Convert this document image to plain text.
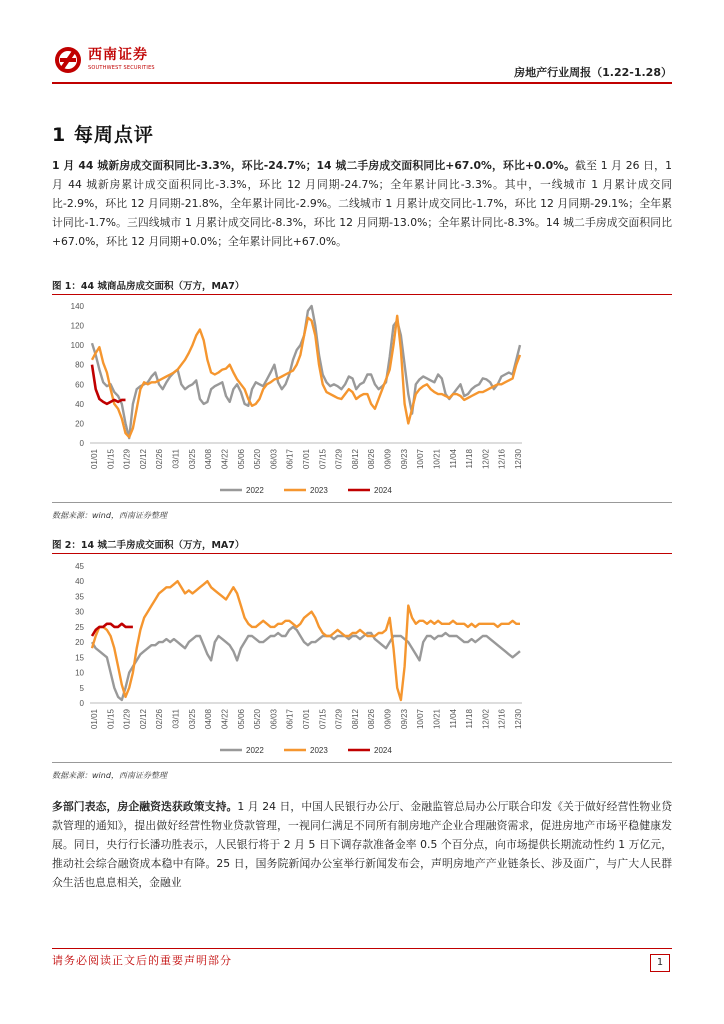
西南证券
SOUTHWEST SECURITIES	房地产行业周报（1.22-1.28）
1 每周点评
1 月 44 城新房成交面积同比-3.3%，环比-24.7%；14 城二手房成交面积同比+67.0%，环比+0.0%。截至 1 月 26 日，1 月 44 城新房累计成交面积同比-3.3%，环比 12 月同期-24.7%；全年累计同比-3.3%。其中，一线城市 1 月累计成交同比-2.9%，环比 12 月同期-21.8%，全年累计同比-2.9%。二线城市 1 月累计成交同比-1.7%，环比 12 月同期-29.1%；全年累计同比-1.7%。三四线城市 1 月累计成交同比-8.3%，环比 12 月同期-13.0%；全年累计同比-8.3%。14 城二手房成交面积同比+67.0%，环比 12 月同期+0.0%；全年累计同比+67.0%。
图 1：44 城商品房成交面积（万方，MA7）
0
20
40
60
80
100
120
140
01/01 01/15 01/29 02/12 02/26 03/11 03/25 04/08 04/22 05/06 05/20 06/03 06/17 07/01 07/15 07/29 08/12 08/26 09/09 09/23 10/07 10/21 11/04 11/18 12/02 12/16 12/30
2022	2023	2024
数据来源：wind，西南证券整理
图 2：14 城二手房成交面积（万方，MA7）
0
5
10
15
20
25
30
35
40
45
01/01 01/15 01/29 02/12 02/26 03/11 03/25 04/08 04/22 05/06 05/20 06/03 06/17 07/01 07/15 07/29 08/12 08/26 09/09 09/23 10/07 10/21 11/04 11/18 12/02 12/16 12/30
2022	2023	2024
数据来源：wind，西南证券整理
多部门表态，房企融资迭获政策支持。1 月 24 日，中国人民银行办公厅、金融监管总局办公厅联合印发《关于做好经营性物业贷款管理的通知》，提出做好经营性物业贷款管理，一视同仁满足不同所有制房地产企业合理融资需求，促进房地产市场平稳健康发展。同日，央行行长潘功胜表示，人民银行将于 2 月 5 日下调存款准备金率 0.5 个百分点，向市场提供长期流动性约 1 万亿元，推动社会综合融资成本稳中有降。25 日，国务院新闻办公室举行新闻发布会，声明房地产产业链条长、涉及面广，与广大人民群众生活也息息相关，金融业
请务必阅读正文后的重要声明部分	1
